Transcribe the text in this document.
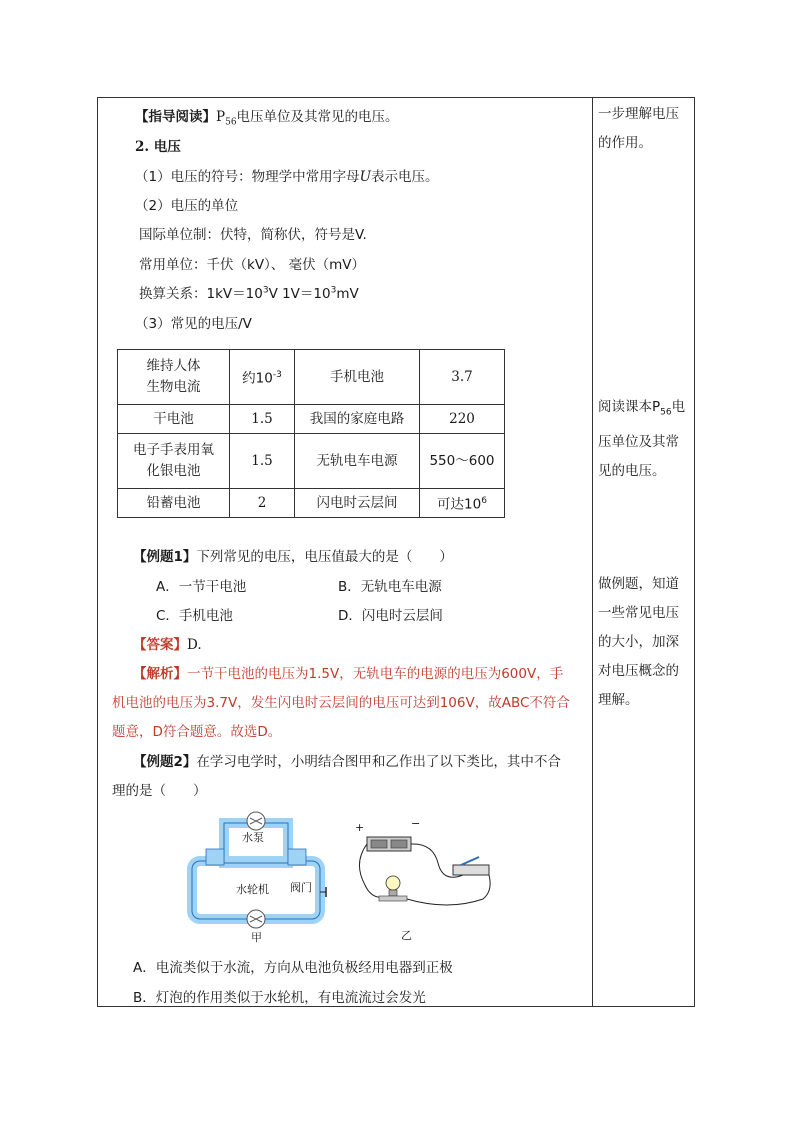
【指导阅读】$P_{56}$电压单位及其常见的电压。
2. 电压
（1）电压的符号：物理学中常用字母U表示电压。
（2）电压的单位
国际单位制：伏特，简称伏，符号是V.
常用单位：千伏（kV）、 毫伏（mV）
换算关系：$1kV=10^3V$ $1V=10^3mV$
（3）常见的电压/V
维持人体
生物电流	约$10^{-3}$	手机电池	3.7
干电池	1.5	我国的家庭电路	220
电子手表用氧
化银电池	1.5	无轨电车电源	550～600
铅蓄电池	2	闪电时云层间	可达$10^6$
【例题1】下列常见的电压，电压值最大的是（　　）
A．一节干电池	B．无轨电车电源
C．手机电池	D．闪电时云层间
【答案】D.
【解析】一节干电池的电压为1.5V，无轨电车的电源的电压为600V，手
机电池的电压为3.7V，发生闪电时云层间的电压可达到106V，故ABC不符合
题意，D符合题意。故选D。
【例题2】在学习电学时，小明结合图甲和乙作出了以下类比，其中不合
理的是（　　）
水泵
水轮机 阀门
甲
+	−
乙
A．电流类似于水流，方向从电池负极经用电器到正极
B．灯泡的作用类似于水轮机，有电流流过会发光
一步理解电压
的作用。
阅读课本$P_{56}$电
压单位及其常
见的电压。
做例题，知道
一些常见电压
的大小，加深
对电压概念的
理解。
